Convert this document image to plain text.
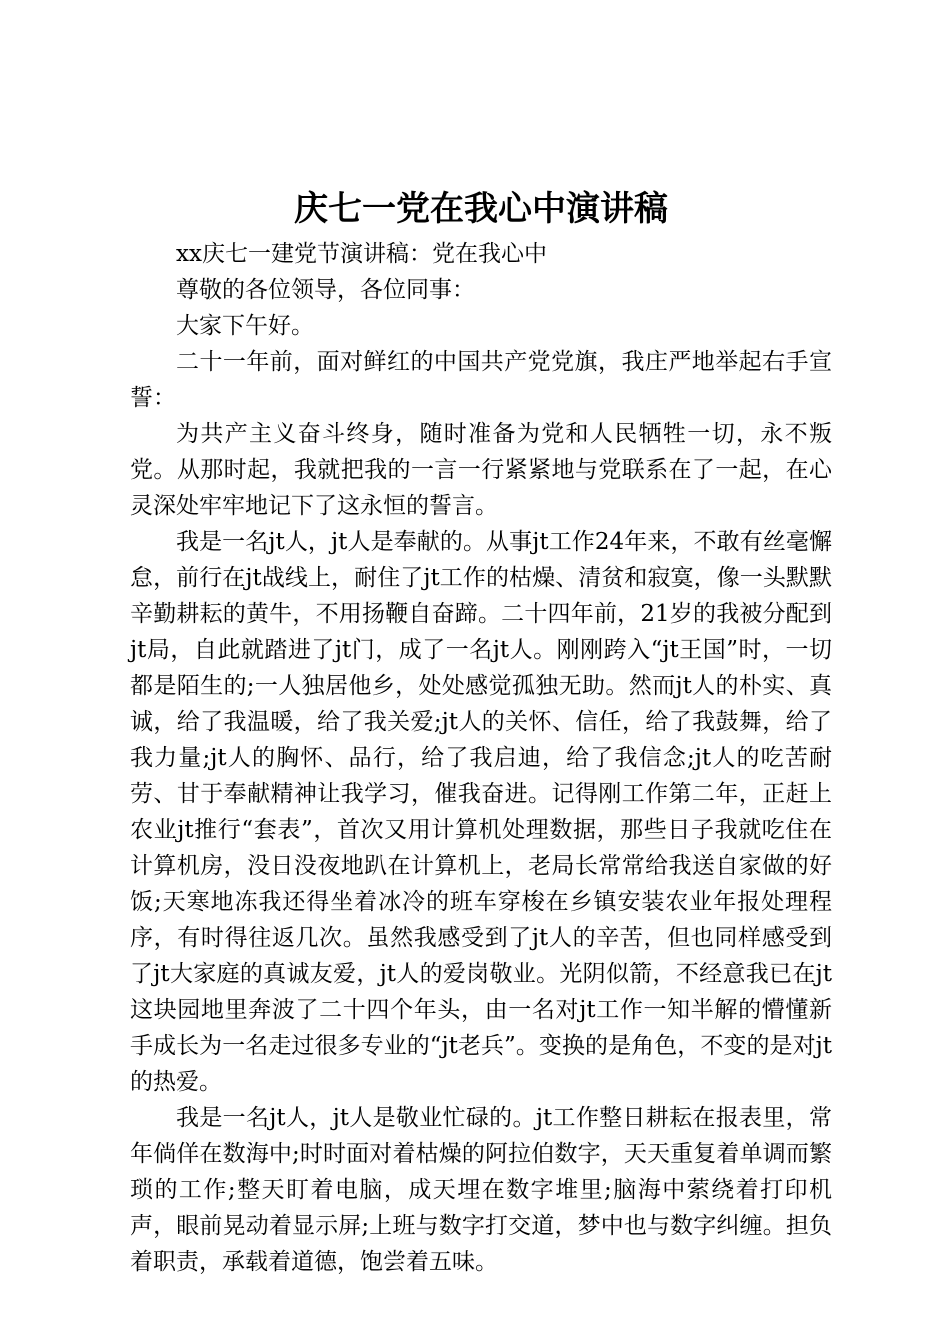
庆七一党在我心中演讲稿

xx庆七一建党节演讲稿：党在我心中

尊敬的各位领导，各位同事：

大家下午好。

二十一年前，面对鲜红的中国共产党党旗，我庄严地举起右手宣誓：

为共产主义奋斗终身，随时准备为党和人民牺牲一切，永不叛党。从那时起，我就把我的一言一行紧紧地与党联系在了一起，在心灵深处牢牢地记下了这永恒的誓言。

我是一名jt人，jt人是奉献的。从事jt工作24年来，不敢有丝毫懈怠，前行在jt战线上，耐住了jt工作的枯燥、清贫和寂寞，像一头默默辛勤耕耘的黄牛，不用扬鞭自奋蹄。二十四年前，21岁的我被分配到jt局，自此就踏进了jt门，成了一名jt人。刚刚跨入“jt王国”时，一切都是陌生的;一人独居他乡，处处感觉孤独无助。然而jt人的朴实、真诚，给了我温暖，给了我关爱;jt人的关怀、信任，给了我鼓舞，给了我力量;jt人的胸怀、品行，给了我启迪，给了我信念;jt人的吃苦耐劳、甘于奉献精神让我学习，催我奋进。记得刚工作第二年，正赶上农业jt推行“套表”，首次又用计算机处理数据，那些日子我就吃住在计算机房，没日没夜地趴在计算机上，老局长常常给我送自家做的好饭;天寒地冻我还得坐着冰冷的班车穿梭在乡镇安装农业年报处理程序，有时得往返几次。虽然我感受到了jt人的辛苦，但也同样感受到了jt大家庭的真诚友爱，jt人的爱岗敬业。光阴似箭，不经意我已在jt这块园地里奔波了二十四个年头，由一名对jt工作一知半解的懵懂新手成长为一名走过很多专业的“jt老兵”。变换的是角色，不变的是对jt的热爱。

我是一名jt人，jt人是敬业忙碌的。jt工作整日耕耘在报表里，常年倘佯在数海中;时时面对着枯燥的阿拉伯数字，天天重复着单调而繁琐的工作;整天盯着电脑，成天埋在数字堆里;脑海中萦绕着打印机声，眼前晃动着显示屏;上班与数字打交道，梦中也与数字纠缠。担负着职责，承载着道德，饱尝着五味。
